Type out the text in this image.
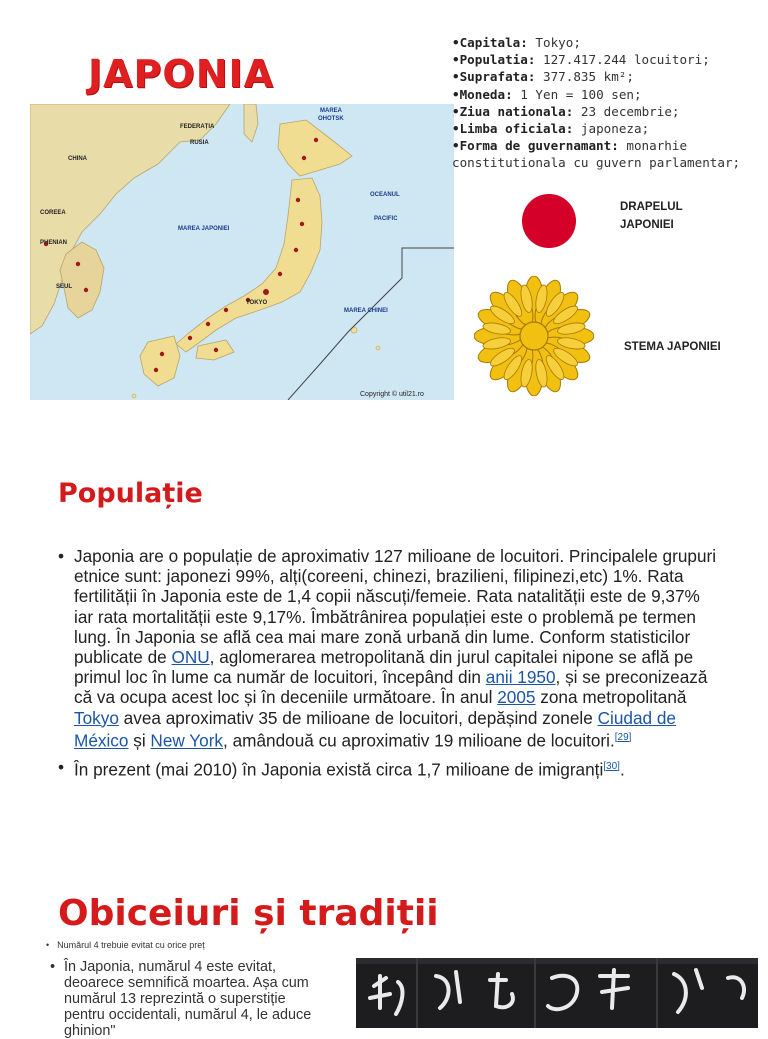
JAPONIA
MAREA
OHOTSK
FEDERAȚIA
RUSIA
CHINA
OCEANUL
PACIFIC
MAREA JAPONIEI
COREEA
PHENIAN
SEUL
MAREA CHINEI
TOKYO
Copyright © util21.ro
•Capitala: Tokyo;
•Populatia: 127.417.244 locuitori;
•Suprafata: 377.835 km²;
•Moneda: 1 Yen = 100 sen;
•Ziua nationala: 23 decembrie;
•Limba oficiala: japoneza;
•Forma de guvernamant: monarhie constitutionala cu guvern parlamentar;
DRAPELUL
JAPONIEI
STEMA JAPONIEI
Populație
• Japonia are o populație de aproximativ 127 milioane de locuitori. Principalele grupuri etnice sunt: japonezi 99%, alți(coreeni, chinezi, brazilieni, filipinezi,etc) 1%. Rata fertilității în Japonia este de 1,4 copii născuți/femeie. Rata natalității este de 9,37% iar rata mortalității este 9,17%. Îmbătrânirea populației este o problemă pe termen lung. În Japonia se află cea mai mare zonă urbană din lume. Conform statisticilor publicate de ONU, aglomerarea metropolitană din jurul capitalei nipone se află pe primul loc în lume ca număr de locuitori, începând din anii 1950, și se preconizează că va ocupa acest loc și în deceniile următoare. În anul 2005 zona metropolitană Tokyo avea aproximativ 35 de milioane de locuitori, depășind zonele Ciudad de México și New York, amândouă cu aproximativ 19 milioane de locuitori.[29]
• În prezent (mai 2010) în Japonia există circa 1,7 milioane de imigranți[30].
Obiceiuri și tradiții
• Numărul 4 trebuie evitat cu orice preț
• În Japonia, numărul 4 este evitat, deoarece semnifică moartea. Așa cum numărul 13 reprezintă o superstiție pentru occidentali, numărul 4, le aduce ghinion"
